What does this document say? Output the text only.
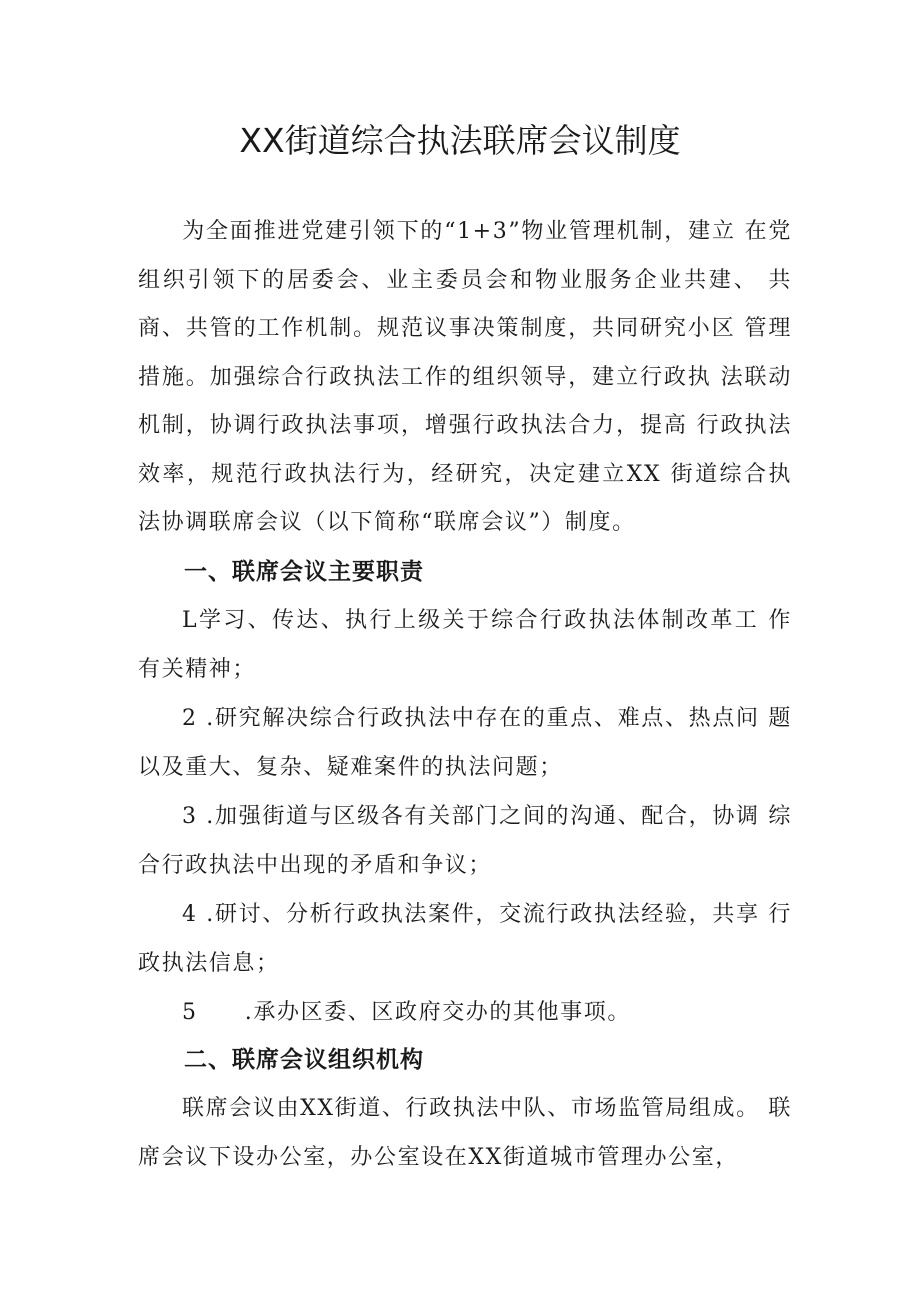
XX街道综合执法联席会议制度
为全面推进党建引领下的“1+3”物业管理机制，建立 在党组织引领下的居委会、业主委员会和物业服务企业共建、 共商、共管的工作机制。规范议事决策制度，共同研究小区 管理措施。加强综合行政执法工作的组织领导，建立行政执 法联动机制，协调行政执法事项，增强行政执法合力，提高 行政执法效率，规范行政执法行为，经研究，决定建立XX 街道综合执法协调联席会议（以下简称“联席会议”）制度。
一、联席会议主要职责
L学习、传达、执行上级关于综合行政执法体制改革工 作有关精神；
2 .研究解决综合行政执法中存在的重点、难点、热点问 题以及重大、复杂、疑难案件的执法问题；
3 .加强街道与区级各有关部门之间的沟通、配合，协调 综合行政执法中出现的矛盾和争议；
4 .研讨、分析行政执法案件，交流行政执法经验，共享 行政执法信息；
5  .承办区委、区政府交办的其他事项。
二、联席会议组织机构
联席会议由XX街道、行政执法中队、市场监管局组成。 联席会议下设办公室，办公室设在XX街道城市管理办公室，
